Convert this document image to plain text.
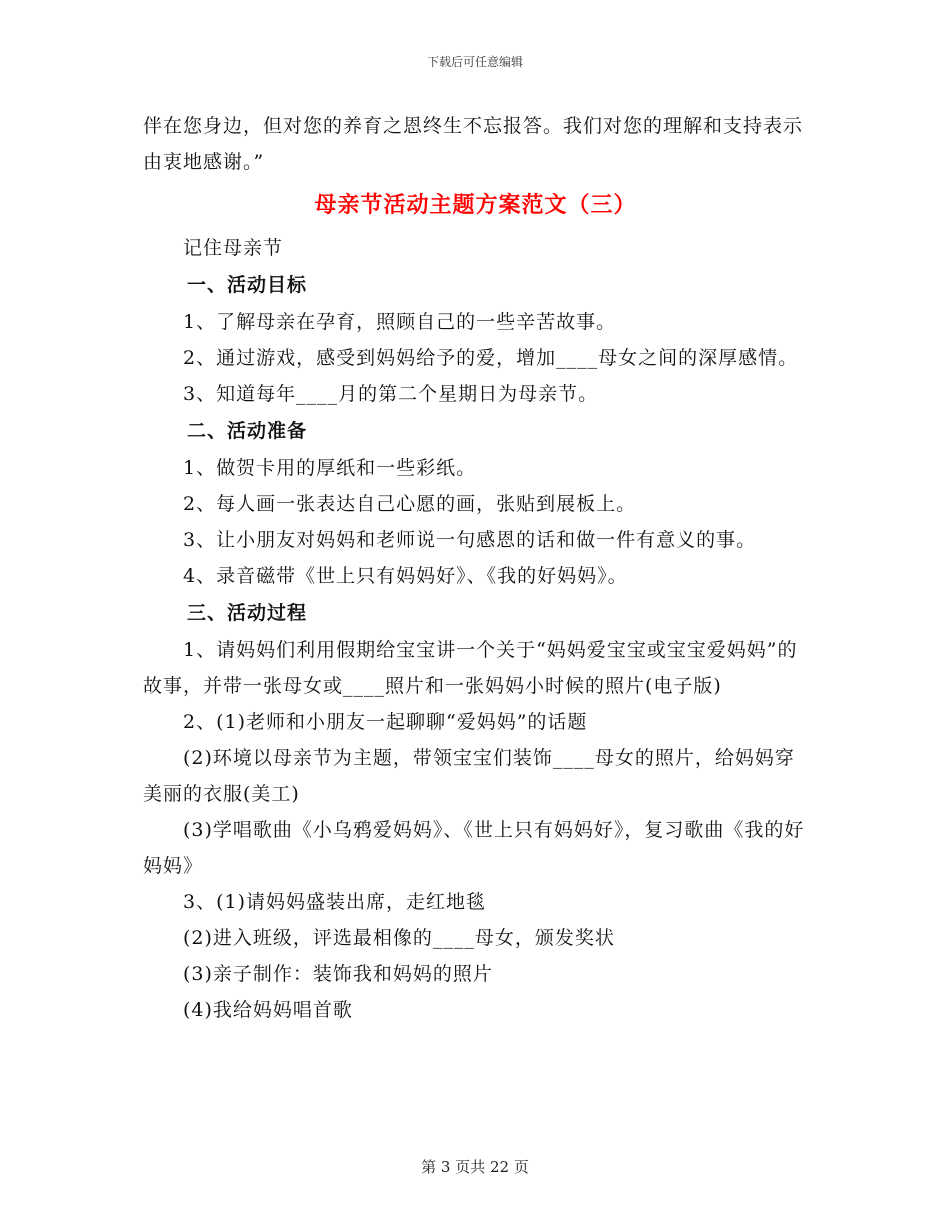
下载后可任意编辑

伴在您身边，但对您的养育之恩终生不忘报答。我们对您的理解和支持表示由衷地感谢。”

母亲节活动主题方案范文（三）

记住母亲节

一、活动目标

1、了解母亲在孕育，照顾自己的一些辛苦故事。

2、通过游戏，感受到妈妈给予的爱，增加____母女之间的深厚感情。

3、知道每年____月的第二个星期日为母亲节。

二、活动准备

1、做贺卡用的厚纸和一些彩纸。

2、每人画一张表达自己心愿的画，张贴到展板上。

3、让小朋友对妈妈和老师说一句感恩的话和做一件有意义的事。

4、录音磁带《世上只有妈妈好》、《我的好妈妈》。

三、活动过程

1、请妈妈们利用假期给宝宝讲一个关于“妈妈爱宝宝或宝宝爱妈妈”的故事，并带一张母女或____照片和一张妈妈小时候的照片(电子版)

2、(1)老师和小朋友一起聊聊“爱妈妈”的话题

(2)环境以母亲节为主题，带领宝宝们装饰____母女的照片，给妈妈穿美丽的衣服(美工)

(3)学唱歌曲《小乌鸦爱妈妈》、《世上只有妈妈好》，复习歌曲《我的好妈妈》

3、(1)请妈妈盛装出席，走红地毯

(2)进入班级，评选最相像的____母女，颁发奖状

(3)亲子制作：装饰我和妈妈的照片

(4)我给妈妈唱首歌

第 3 页共 22 页
